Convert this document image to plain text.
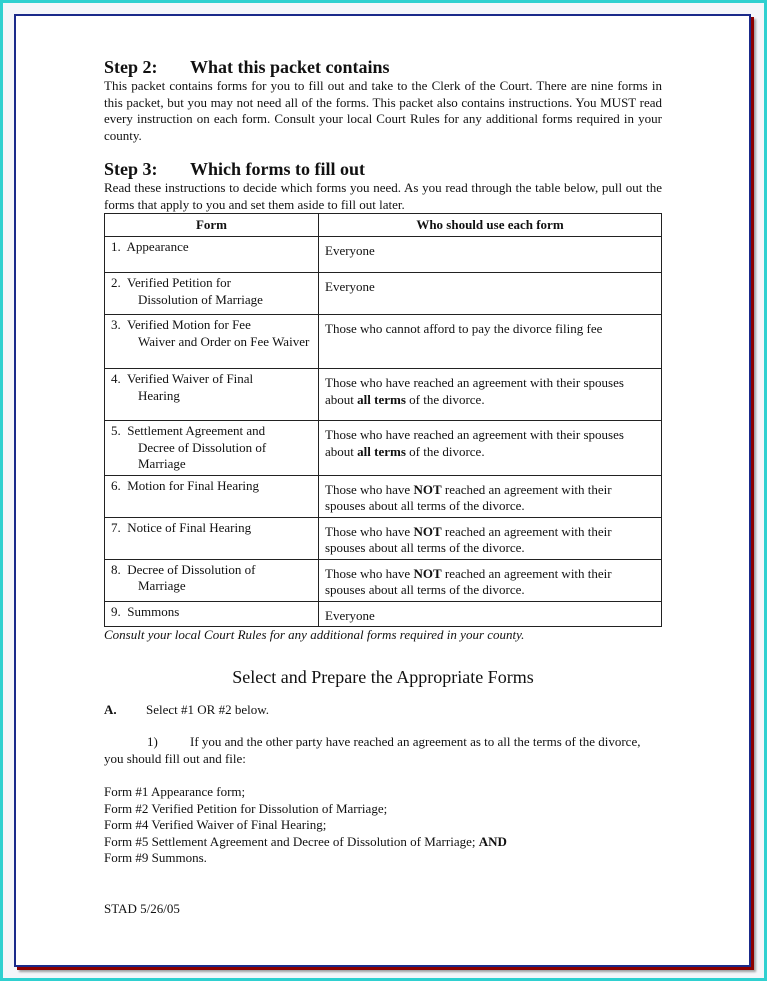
Step 2: What this packet contains

This packet contains forms for you to fill out and take to the Clerk of the Court. There are nine forms in this packet, but you may not need all of the forms. This packet also contains instructions. You MUST read every instruction on each form. Consult your local Court Rules for any additional forms required in your county.

Step 3: Which forms to fill out

Read these instructions to decide which forms you need. As you read through the table below, pull out the forms that apply to you and set them aside to fill out later.

Form	Who should use each form
1. Appearance	Everyone
2. Verified Petition for
Dissolution of Marriage	Everyone
3. Verified Motion for Fee
Waiver and Order on Fee Waiver	Those who cannot afford to pay the divorce filing fee
4. Verified Waiver of Final
Hearing	Those who have reached an agreement with their spouses about all terms of the divorce.
5. Settlement Agreement and
Decree of Dissolution of Marriage	Those who have reached an agreement with their spouses about all terms of the divorce.
6. Motion for Final Hearing	Those who have NOT reached an agreement with their spouses about all terms of the divorce.
7. Notice of Final Hearing	Those who have NOT reached an agreement with their spouses about all terms of the divorce.
8. Decree of Dissolution of
Marriage	Those who have NOT reached an agreement with their spouses about all terms of the divorce.
9. Summons	Everyone

Consult your local Court Rules for any additional forms required in your county.

Select and Prepare the Appropriate Forms
A. Select #1 OR #2 below.
1) If you and the other party have reached an agreement as to all the terms of the divorce, you should fill out and file:
Form #1 Appearance form;
Form #2 Verified Petition for Dissolution of Marriage;
Form #4 Verified Waiver of Final Hearing;
Form #5 Settlement Agreement and Decree of Dissolution of Marriage; AND
Form #9 Summons.
STAD 5/26/05
